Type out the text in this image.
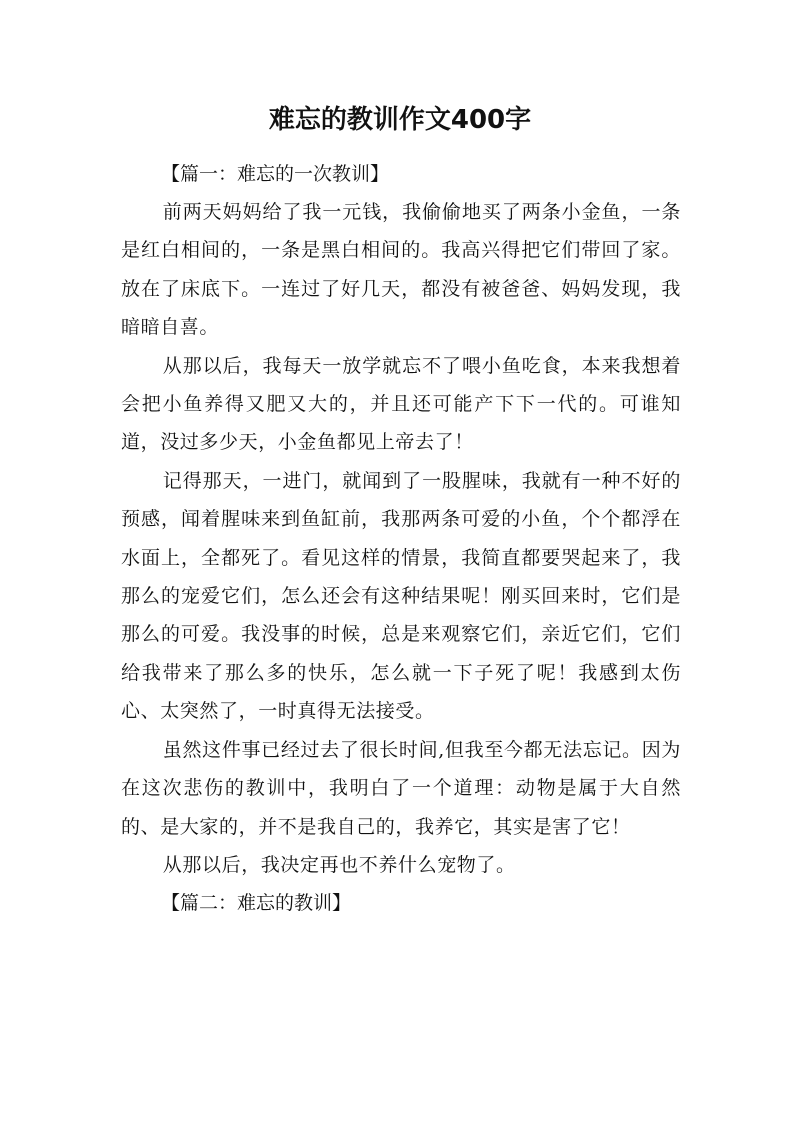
难忘的教训作文400字

【篇一：难忘的一次教训】

前两天妈妈给了我一元钱，我偷偷地买了两条小金鱼，一条是红白相间的，一条是黑白相间的。我高兴得把它们带回了家。放在了床底下。一连过了好几天，都没有被爸爸、妈妈发现，我暗暗自喜。

从那以后，我每天一放学就忘不了喂小鱼吃食，本来我想着会把小鱼养得又肥又大的，并且还可能产下下一代的。可谁知道，没过多少天，小金鱼都见上帝去了！

记得那天，一进门，就闻到了一股腥味，我就有一种不好的预感，闻着腥味来到鱼缸前，我那两条可爱的小鱼，个个都浮在水面上，全都死了。看见这样的情景，我简直都要哭起来了，我那么的宠爱它们，怎么还会有这种结果呢！刚买回来时，它们是那么的可爱。我没事的时候，总是来观察它们，亲近它们，它们给我带来了那么多的快乐，怎么就一下子死了呢！我感到太伤心、太突然了，一时真得无法接受。

虽然这件事已经过去了很长时间,但我至今都无法忘记。因为在这次悲伤的教训中，我明白了一个道理：动物是属于大自然的、是大家的，并不是我自己的，我养它，其实是害了它！

从那以后，我决定再也不养什么宠物了。

【篇二：难忘的教训】
